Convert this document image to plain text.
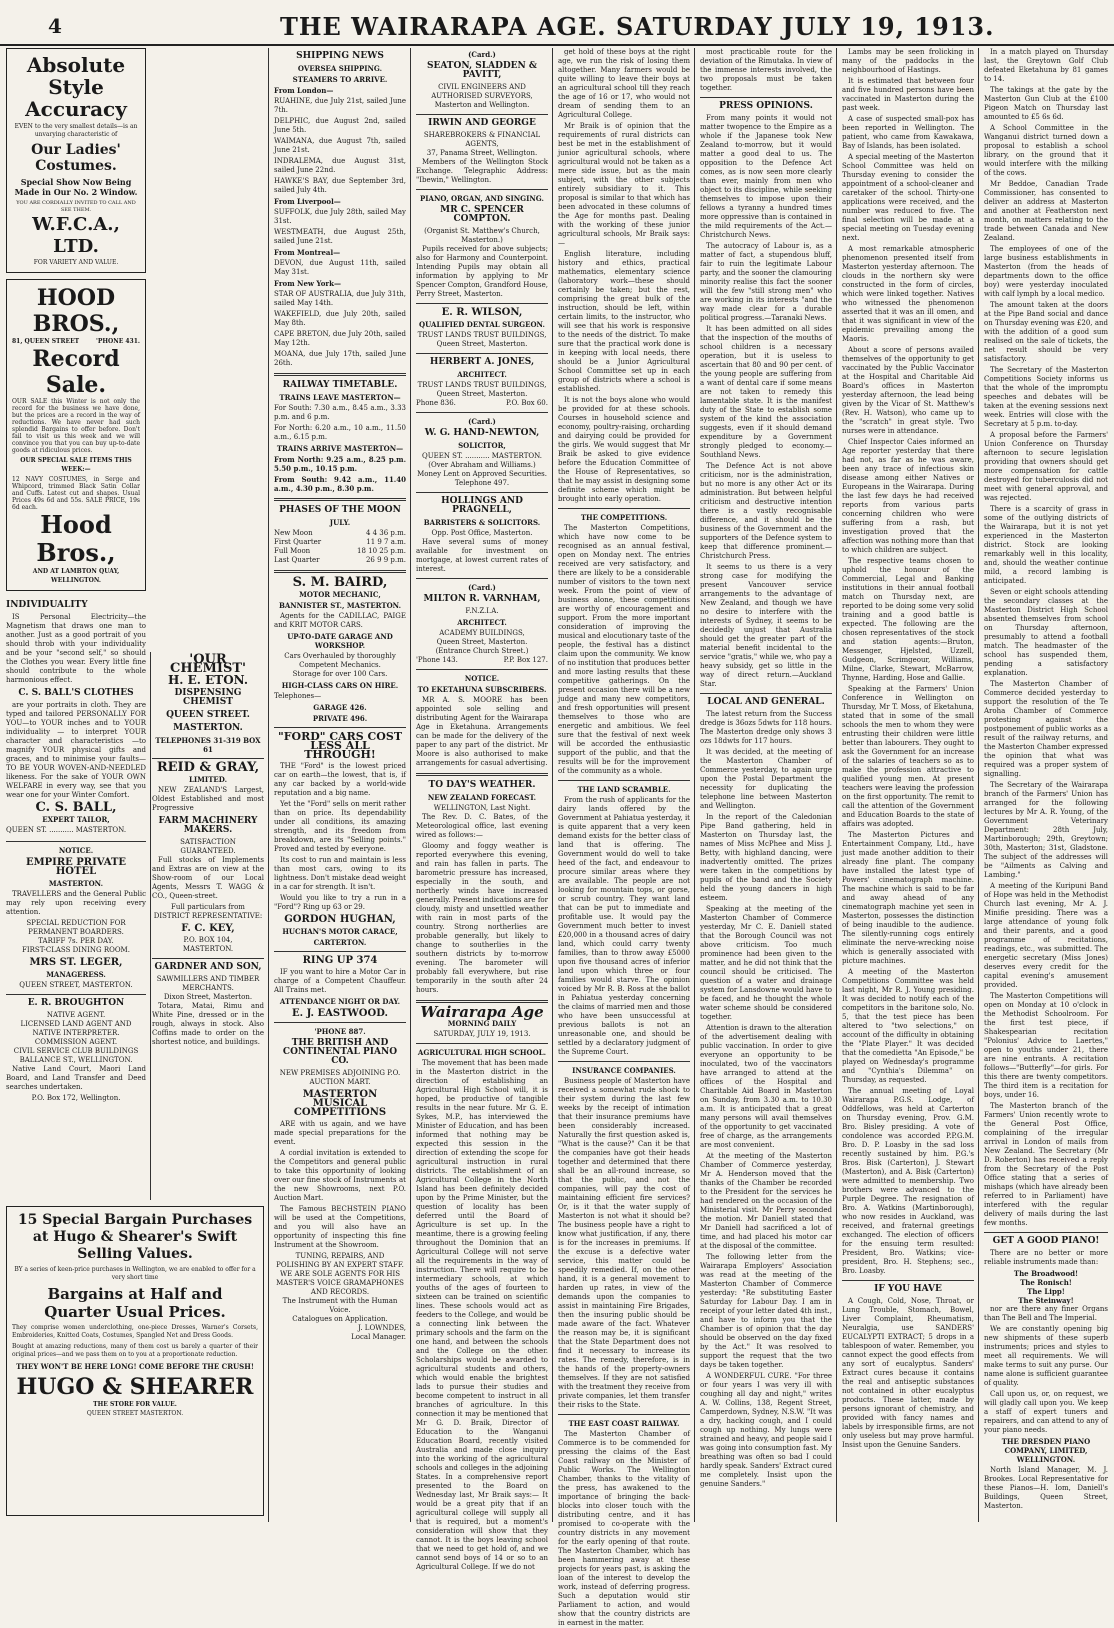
4	THE WAIRARAPA AGE. SATURDAY JULY 19, 1913.
Absolute
Style
Accuracy
EVEN to the very smallest details—is an unvarying characteristic of
Our Ladies' Costumes.
Special Show Now Being Made in Our No. 2 Window.
YOU ARE CORDIALLY INVITED TO CALL AND SEE THEM.
W.F.C.A., LTD.
FOR VARIETY AND VALUE.
HOOD BROS.,
81, QUEEN STREET	'PHONE 431.
Record Sale.
OUR SALE this Winter is not only the record for the business we have done, but the prices are a record in the way of reductions. We have never had such splendid Bargains to offer before. Don't fail to visit us this week and we will convince you that you can buy up-to-date goods at ridiculous prices.
OUR SPECIAL SALE ITEMS THIS WEEK:—
12 NAVY COSTUMES, in Serge and Whipcord, trimmed Black Satin Collar and Cuffs. Latest cut and shapes. Usual Prices 49s 6d and 55s. SALE PRICE, 19s 6d each.
Hood Bros.,
AND AT LAMBTON QUAY, WELLINGTON.
INDIVIDUALITY

IS Personal Electricity—the Magnetism that draws one man to another. Just as a good portrait of you should throb with your individuality and be your "second self," so should the Clothes you wear. Every little fine should contribute to the whole harmonious effect.

C. S. BALL'S CLOTHES

are your portraits in cloth. They are typed and tailored PERSONALLY FOR YOU—to YOUR inches and to YOUR individuality — to interpret YOUR character and characteristics —to magnify YOUR physical gifts and graces, and to minimise your faults—TO BE YOUR WOVEN-AND-NEEDLED likeness. For the sake of YOUR OWN WELFARE in every way, see that you wear one for your Winter Comfort.

C. S. BALL,
EXPERT TAILOR,
QUEEN ST. ........... MASTERTON.
NOTICE.
EMPIRE PRIVATE HOTEL
MASTERTON.

TRAVELLERS and the General Public may rely upon receiving every attention.

SPECIAL REDUCTION FOR PERMANENT BOARDERS.
TARIFF 7s. PER DAY.
FIRST-CLASS DINING ROOM.
MRS ST. LEGER,
MANAGERESS.
QUEEN STREET, MASTERTON.
E. R. BROUGHTON
NATIVE AGENT.
LICENSED LAND AGENT AND NATIVE INTERPRETER.
COMMISSION AGENT.
CIVIL SERVICE CLUB BUILDINGS
BALLANCE ST., WELLINGTON.

Native Land Court, Maori Land Board, and Land Transfer and Deed searches undertaken.

P.O. Box 172, Wellington.
'OUR CHEMIST'
H. E. ETON.
DISPENSING CHEMIST
QUEEN STREET.
MASTERTON.
TELEPHONES 31-319 BOX 61
REID & GRAY,
LIMITED.

NEW ZEALAND'S Largest, Oldest Established and most Progressive

FARM MACHINERY MAKERS.
SATISFACTION GUARANTEED.

Full stocks of Implements and Extras are on view at the Show-room of our Local Agents, Messrs T. WAGG & CO., Queen-street.

Full particulars from
DISTRICT REPRESENTATIVE:
F. C. KEY,
P.O. BOX 104,
MASTERTON.
GARDNER AND SON,
SAWMILLERS AND TIMBER MERCHANTS.
Dixon Street, Masterton.

Totara, Matai, Rimu and White Pine, dressed or in the rough, always in stock. Also Coffins made to order on the shortest notice, and buildings.

15 Special Bargain Purchases at Hugo & Shearer's Swift Selling Values.
BY a series of keen-price purchases in Wellington, we are enabled to offer for a very short time
Bargains at Half and Quarter Usual Prices.
They comprise women underclothing, one-piece Dresses, Warner's Corsets, Embroideries, Knitted Coats, Costumes, Spangled Net and Dress Goods.
Bought at amazing reductions, many of them cost us barely a quarter of their original prices—and we pass them on to you at a proportionate reduction.
THEY WON'T BE HERE LONG! COME BEFORE THE CRUSH!
HUGO & SHEARER
THE STORE FOR VALUE.
QUEEN STREET MASTERTON.
SHIPPING NEWS
OVERSEA SHIPPING.
STEAMERS TO ARRIVE.
From London—
RUAHINE, due July 21st, sailed June 7th.
DELPHIC, due August 2nd, sailed June 5th.
WAIMANA, due August 7th, sailed June 21st.
INDRALEMA, due August 31st, sailed June 22nd.
HAWKE'S BAY, due September 3rd, sailed July 4th.
From Liverpool—
SUFFOLK, due July 28th, sailed May 31st.
WESTMEATH, due August 25th, sailed June 21st.
From Montreal—
DEVON, due August 11th, sailed May 31st.
From New York—
STAR OF AUSTRALIA, due July 31th, sailed May 14th.
WAKEFIELD, due July 20th, sailed May 8th.
CAPE BRETON, due July 20th, sailed May 12th.
MOANA, due July 17th, sailed June 26th.
RAILWAY TIMETABLE.
TRAINS LEAVE MASTERTON—
For South: 7.30 a.m., 8.45 a.m., 3.33 p.m. and 6 p.m.
For North: 6.20 a.m., 10 a.m., 11.50 a.m., 6.15 p.m.
TRAINS ARRIVE MASTERTON—
From North: 9.25 a.m., 8.25 p.m. 5.50 p.m., 10.15 p.m.
From South: 9.42 a.m., 11.40 a.m., 4.30 p.m., 8.30 p.m.
PHASES OF THE MOON
JULY.
New Moon	4 4 36 p.m.
First Quarter	11 9 7 a.m.
Full Moon	18 10 25 p.m.
Last Quarter	26 9 9 p.m.
S. M. BAIRD,
MOTOR MECHANIC,
BANNISTER ST., MASTERTON.

Agents for the CADILLAC, PAIGE and KRIT MOTOR CARS.

UP-TO-DATE GARAGE AND WORKSHOP.
Cars Overhauled by thoroughly Competent Mechanics.
Storage for over 100 Cars.
HIGH-CLASS CARS ON HIRE.
Telephones—
GARAGE 426.
PRIVATE 496.
"FORD" CARS COST LESS ALL THROUGH!

THE "Ford" is the lowest priced car on earth—the lowest, that is, if any car backed by a world-wide reputation and a big name.

Yet the "Ford" sells on merit rather than on price. Its dependability under all conditions, its amazing strength, and its freedom from breakdown, are its "Selling points." Proved and tested by everyone.

Its cost to run and maintain is less than most cars, owing to its lightness. Don't mistake dead weight in a car for strength. It isn't.

Would you like to try a run in a "Ford"? Ring up 63 or 29.

GORDON HUGHAN,
HUCHAN'S MOTOR CARACE,
CARTERTON.
RING UP 374

IF you want to hire a Motor Car in charge of a Competent Chauffeur. All Trains met.

ATTENDANCE NIGHT OR DAY.
E. J. EASTWOOD.
'PHONE 887.
THE BRITISH AND CONTINENTAL PIANO CO.
NEW PREMISES ADJOINING P.O. AUCTION MART.
MASTERTON MUSICAL COMPETITIONS

ARE with us again, and we have made special preparations for the event.

A cordial invitation is extended to the Competitors and general public to take this opportunity of looking over our fine stock of Instruments at the new Showrooms, next P.O. Auction Mart.

The Famous BECHSTEIN PIANO will be used at the Competitions, and you will also have an opportunity of inspecting this fine Instrument at the Showroom.

TUNING, REPAIRS, AND POLISHING BY AN EXPERT STAFF.
WE ARE SOLE AGENTS FOR HIS MASTER'S VOICE GRAMAPHONES AND RECORDS.
The Instrument with the Human Voice.
Catalogues on Application.
J. LOWNDES,
Local Manager.
(Card.)
SEATON, SLADDEN & PAVITT,
CIVIL ENGINEERS AND AUTHORISED SURVEYORS,
Masterton and Wellington.
IRWIN AND GEORGE
SHAREBROKERS & FINANCIAL AGENTS,
37, Panama Street, Wellington.

Members of the Wellington Stock Exchange. Telegraphic Address: "Ibewin," Wellington.

PIANO, ORGAN, AND SINGING.
MR C. SPENCER COMPTON.
(Organist St. Matthew's Church, Masterton.)

Pupils received for above subjects; also for Harmony and Counterpoint. Intending Pupils may obtain all information by applying to Mr Spencer Compton, Grandford House, Perry Street, Masterton.

E. R. WILSON,
QUALIFIED DENTAL SURGEON.
TRUST LANDS TRUST BUILDINGS,
Queen Street, Masterton.
HERBERT A. JONES,
ARCHITECT.
TRUST LANDS TRUST BUILDINGS,
Queen Street, Masterton.
Phone 836.	P.O. Box 60.
(Card.)
W. G. HAND-NEWTON,
SOLICITOR,
QUEEN ST. ........... MASTERTON.
(Over Abraham and Williams.)
Money Lent on Approved Securities.
Telephone 497.
HOLLINGS AND PRAGNELL,
BARRISTERS & SOLICITORS.
Opp. Post Office, Masterton.

Have several sums of money available for investment on mortgage, at lowest current rates of interest.

(Card.)
MILTON R. VARNHAM,
F.N.Z.I.A.
ARCHITECT.
ACADEMY BUILDINGS,
Queen Street, Masterton.
(Entrance Church Street.)
'Phone 143.	P.P. Box 127.
NOTICE.
TO EKETAHUNA SUBSCRIBERS.

MR A. S. MOORE has been appointed sole selling and distributing Agent for the Wairarapa Age in Eketahuna. Arrangements can be made for the delivery of the paper to any part of the district. Mr Moore is also authorised to make arrangements for casual advertising.

TO DAY'S WEATHER.
NEW ZEALAND FORECAST.
WELLINGTON, Last Night.

The Rev. D. C. Bates, of the Meteorological office, last evening wired as follows:—

Gloomy and foggy weather is reported everywhere this evening, and rain has fallen in parts. The barometric pressure has increased, especially in the south, and northerly winds have increased generally. Present indications are for cloudy, misty and unsettled weather with rain in most parts of the country. Strong northerlies are probable generally, but likely to change to southerlies in the southern districts by to-morrow evening. The barometer will probably fall everywhere, but rise temporarily in the south after 24 hours.

Wairarapa Age
MORNING DAILY
SATURDAY, JULY 19, 1913.
AGRICULTURAL HIGH SCHOOL.

The movement that has been made in the Masterton district in the direction of establishing an Agricultural High School will, it is hoped, be productive of tangible results in the near future. Mr G. E. Sykes, M.P., has interviewed the Minister of Education, and has been informed that nothing may be expected this session in the direction of extending the scope for agricultural instruction in rural districts. The establishment of an Agricultural College in the North Island has been definitely decided upon by the Prime Minister, but the question of locality has been deferred until the Board of Agriculture is set up. In the meantime, there is a growing feeling throughout the Dominion that an Agricultural College will not serve all the requirements in the way of instruction. There will require to be intermediary schools, at which youths of the ages of fourteen to sixteen can be trained on scientific lines. These schools would act as feeders to the College, and would be a connecting link between the primary schools and the farm on the one hand, and between the schools and the College on the other. Scholarships would be awarded to agricultural students and others, which would enable the brightest lads to pursue their studies and become competent to instruct in all branches of agriculture. In this connection it may be mentioned that Mr G. D. Braik, Director of Education to the Wanganui Education Board, recently visited Australia and made close inquiry into the working of the agricultural schools and colleges in the adjoining States. In a comprehensive report presented to the Board on Wednesday last, Mr Braik says:— It would be a great pity that if an agricultural college will supply all that is required, but a moment's consideration will show that they cannot. It is the boys leaving school that we need to get hold of, and we cannot send boys of 14 or so to an Agricultural College. If we do not

get hold of these boys at the right age, we run the risk of losing them altogether. Many farmers would be quite willing to leave their boys at an agricultural school till they reach the age of 16 or 17, who would not dream of sending them to an Agricultural College.

Mr Braik is of opinion that the requirements of rural districts can best be met in the establishment of junior agricultural schools, where agricultural would not be taken as a mere side issue, but as the main subject, with the other subjects entirely subsidiary to it. This proposal is similar to that which has been advocated in these columns of the Age for months past. Dealing with the working of these junior agricultural schools, Mr Braik says:—

English literature, including history and ethics, practical mathematics, elementary science (laboratory work—these should certainly be taken; but the rest, comprising the great bulk of the instruction, should be left, within certain limits, to the instructor, who will see that his work is responsive to the needs of the district. To make sure that the practical work done is in keeping with local needs, there should be a Junior Agricultural School Committee set up in each group of districts where a school is established.

It is not the boys alone who would be provided for at these schools. Courses in household science and economy, poultry-raising, orcharding and dairying could be provided for the girls. We would suggest that Mr Braik be asked to give evidence before the Education Committee of the House of Representatives, so that he may assist in designing some definite scheme which might be brought into early operation.

THE COMPETITIONS.

The Masterton Competitions, which have now come to be recognised as an annual festival, open on Monday next. The entries received are very satisfactory, and there are likely to be a considerable number of visitors to the town next week. From the point of view of business alone, these competitions are worthy of encouragement and support. From the more important consideration of improving the musical and elocutionary taste of the people, the festival has a distinct claim upon the community. We know of no institution that produces better and more lasting results that these competitive gatherings. On the present occasion there will be a new judge and many new competitors, and fresh opportunities will present themselves to those who are energetic and ambitious. We feel sure that the festival of next week will be accorded the enthusiastic support of the public, and that the results will be for the improvement of the community as a whole.

THE LAND SCRAMBLE.

From the rush of applicants for the dairy lands offered by the Government at Pahiatua yesterday, it is quite apparent that a very keen demand exists for the better class of land that is offering. The Government would do well to take heed of the fact, and endeavour to procure similar areas where they are available. The people are not looking for mountain tops, or gorse, or scrub country. They want land that can be put to immediate and profitable use. It would pay the Government much better to invest £20,000 in a thousand acres of dairy land, which could carry twenty families, than to throw away £5000 upon five thousand acres of inferior land upon which three or four families would starve. The opinion voiced by Mr R. B. Ross at the ballot in Pahiatua yesterday concerning the claims of married men and those who have been unsuccessful at previous ballots is not an unreasonable one, and should be settled by a declaratory judgment of the Supreme Court.

INSURANCE COMPANIES.

Business people of Masterton have received a somewhat rude shock to their system during the last few weeks by the receipt of intimation that their insurance premiums have been considerably increased. Naturally the first question asked is, "What is the cause?" Can it be that the companies have got their heads together and determined that there shall be an all-round increase, so that the public, and not the companies, will pay the cost of maintaining efficient fire services? Or, is it that the water supply of Masterton is not what it should be? The business people have a right to know what justification, if any, there is for the increases in premiums. If the excuse is a defective water service, this matter could be speedily remedied. If, on the other hand, it is a general movement to harden up rates, in view of the demands upon the companies to assist in maintaining Fire Brigades, then the insuring public should be made aware of the fact. Whatever the reason may be, it is significant that the State Department does not find it necessary to increase its rates. The remedy, therefore, is in the hands of the property-owners themselves. If they are not satisfied with the treatment they receive from private companies, let them transfer their risks to the State.

THE EAST COAST RAILWAY.

The Masterton Chamber of Commerce is to be commended for pressing the claims of the East Coast railway on the Minister of Public Works. The Wellington Chamber, thanks to the vitality of the press, has awakened to the importance of bringing the back-blocks into closer touch with the distributing centre, and it has promised to co-operate with the country districts in any movement for the early opening of that route. The Masterton Chamber, which has been hammering away at these projects for years past, is asking the loan of the interest to develop the work, instead of deferring progress. Such a deputation would stir Parliament to action, and would show that the country districts are in earnest in the matter.

most practicable route for the deviation of the Rimutaka. In view of the immense interests involved, the two proposals must be taken together.

PRESS OPINIONS.

From many points it would not matter twopence to the Empire as a whole if the Japanese took New Zealand to-morrow, but it would matter a good deal to us. The opposition to the Defence Act comes, as is now seen more clearly than ever, mainly from men who object to its discipline, while seeking themselves to impose upon their fellows a tyranny a hundred times more oppressive than is contained in the mild requirements of the Act.—Christchurch News.

The autocracy of Labour is, as a matter of fact, a stupendous bluff, fair to ruin the legitimate Labour party, and the sooner the clamouring minority realise this fact the sooner will the few "still strong men" who are working in its interests "and the way made clear for a durable political progress.—Taranaki News.

It has been admitted on all sides that the inspection of the mouths of school children is a necessary operation, but it is useless to ascertain that 80 and 90 per cent. of the young people are suffering from a want of dental care if some means are not taken to remedy this lamentable state. It is the manifest duty of the State to establish some system of the kind the association suggests, even if it should demand expenditure by a Government strongly pledged to economy.—Southland News.

The Defence Act is not above criticism, nor is the administration, but no more is any other Act or its administration. But between helpful criticism and destructive intention there is a vastly recognisable difference, and it should be the business of the Government and the supporters of the Defence system to keep that difference prominent.—Christchurch Press.

It seems to us there is a very strong case for modifying the present Vancouver service arrangements to the advantage of New Zealand, and though we have no desire to interfere with the interests of Sydney, it seems to be decidedly unjust that Australia should get the greater part of the material benefit incidental to the service "gratis," while we, who pay a heavy subsidy, get so little in the way of direct return.—Auckland Star.

LOCAL AND GENERAL.

The latest return from the Success dredge is 36ozs 5dwts for 118 hours. The Masterton dredge only shows 3 ozs 18dwts for 117 hours.

It was decided, at the meeting of the Masterton Chamber of Commerce yesterday, to again urge upon the Postal Department the necessity for duplicating the telephone line between Masterton and Wellington.

In the report of the Caledonian Pipe Band gathering, held in Masterton on Thursday last, the names of Miss McPhee and Miss J. Betty, with highland dancing, were inadvertently omitted. The prizes were taken in the competitions by pupils of the band and the Society held the young dancers in high esteem.

Speaking at the meeting of the Masterton Chamber of Commerce yesterday, Mr C. E. Daniell stated that the Borough Council was not above criticism. Too much prominence had been given to the matter, and he did not think that the council should be criticised. The question of a water and drainage system for Lansdowne would have to be faced, and he thought the whole water scheme should be considered together.

Attention is drawn to the alteration of the advertisement dealing with public vaccination. In order to give everyone an opportunity to be inoculated, two of the vaccinators have arranged to attend at the offices of the Hospital and Charitable Aid Board in Masterton on Sunday, from 3.30 a.m. to 10.30 a.m. It is anticipated that a great many persons will avail themselves of the opportunity to get vaccinated free of charge, as the arrangements are most convenient.

At the meeting of the Masterton Chamber of Commerce yesterday, Mr A. Henderson moved that the thanks of the Chamber be recorded to the President for the services he had rendered on the occasion of the Ministerial visit. Mr Perry seconded the motion. Mr Daniell stated that Mr Daniell had sacrificed a lot of time, and had placed his motor car at the disposal of the committee.

The following letter from the Wairarapa Employers' Association was read at the meeting of the Masterton Chamber of Commerce yesterday: "Re substituting Easter Saturday for Labour Day. I am in receipt of your letter dated 4th inst., and have to inform you that the Chamber is of opinion that the day should be observed on the day fixed by the Act." It was resolved to support the request that the two days be taken together.

A WONDERFUL CURE. "For three or four years I was very ill with coughing all day and night," writes A. W. Collins, 138, Regent Street, Camperdown, Sydney, N.S.W. "It was a dry, hacking cough, and I could cough up nothing. My lungs were strained and heavy, and people said I was going into consumption fast. My breathing was often so bad I could hardly speak. Sanders' Extract cured me completely. Insist upon the genuine Sanders."

Lambs may be seen frolicking in many of the paddocks in the neighbourhood of Hastings.

It is estimated that between four and five hundred persons have been vaccinated in Masterton during the past week.

A case of suspected small-pox has been reported in Wellington. The patient, who came from Kawakawa, Bay of Islands, has been isolated.

A special meeting of the Masterton School Committee was held on Thursday evening to consider the appointment of a school-cleaner and caretaker of the school. Thirty-one applications were received, and the number was reduced to five. The final selection will be made at a special meeting on Tuesday evening next.

A most remarkable atmospheric phenomenon presented itself from Masterton yesterday afternoon. The clouds in the northern sky were constructed in the form of circles, which were linked together. Natives who witnessed the phenomenon asserted that it was an ill omen, and that it was significant in view of the epidemic prevailing among the Maoris.

About a score of persons availed themselves of the opportunity to get vaccinated by the Public Vaccinator at the Hospital and Charitable Aid Board's offices in Masterton yesterday afternoon, the lead being given by the Vicar of St. Matthew's (Rev. H. Watson), who came up to the "scratch" in great style. Two nurses were in attendance.

Chief Inspector Caies informed an Age reporter yesterday that there had not, as far as he was aware, been any trace of infectious skin disease among either Natives or Europeans in the Wairarapa. During the last few days he had received reports from various parts concerning children who were suffering from a rash, but investigation proved that the affection was nothing more than that to which children are subject.

The respective teams chosen to uphold the honour of the Commercial, Legal and Banking institutions in their annual football match on Thursday next, are reported to be doing some very solid training and a good battle is expected. The following are the chosen representatives of the stock and station agents:—Bruton, Messenger, Hjelsted, Uzzell, Gudgeon, Scrimgeour, Williams, Milne, Clarke, Stewart, McBarrow, Thynne, Harding, Hose and Gallie.

Speaking at the Farmers' Union Conference in Wellington on Thursday, Mr T. Moss, of Eketahuna, stated that in some of the small schools the men to whom they were entrusting their children were little better than labourers. They ought to ask the Government for an increase of the salaries of teachers so as to make the profession attractive to qualified young men. At present teachers were leaving the profession on the first opportunity. The remit to call the attention of the Government and Education Boards to the state of affairs was adopted.

The Masterton Pictures and Entertainment Company, Ltd., have just made another addition to their already fine plant. The company have installed the latest type of Powers' cinematograph machine. The machine which is said to be far and away ahead of any cinematograph machine yet seen in Masterton, possesses the distinction of being inaudible to the audience. The silently-running cogs entirely eliminate the nerve-wrecking noise which is generally associated with picture machines.

A meeting of the Masterton Competitions Committee was held last night, Mr R. J. Young presiding. It was decided to notify each of the competitors in the baritone solo, No. 5, that the test piece has been altered to "two selections," on account of the difficulty in obtaining the "Plate Player." It was decided that the comedietta "An Episode," be played on Wednesday's programme and "Cynthia's Dilemma" on Thursday, as requested.

The annual meeting of Loyal Wairarapa P.G.S. Lodge, of Oddfellows, was held at Carterton on Thursday evening, Prov. G.M. Bro. Bisley presiding. A vote of condolence was accorded P.P.G.M. Bro. D. P. Loasby in the sad loss recently sustained by him. P.G.'s Bros. Bisk (Carterton), J. Stewart (Masterton), and A. Bisk (Carterton) were admitted to membership. Two brothers were advanced to the Purple Degree. The resignation of Bro. A. Watkins (Martinborough), who now resides in Auckland, was received, and fraternal greetings exchanged. The election of officers for the ensuing term resulted: President, Bro. Watkins; vice-president, Bro. H. Stephens; sec., Bro. Loasby.

IF YOU HAVE

A Cough, Cold, Nose, Throat, or Lung Trouble, Stomach, Bowel, Liver Complaint, Rheumatism, Neuralgia, use SANDERS' EUCALYPTI EXTRACT; 5 drops in a tablespoon of water. Remember, you cannot expect the good effects from any sort of eucalyptus. Sanders' Extract cures because it contains the real and antiseptic substances not contained in other eucalyptus products. These latter, made by persons ignorant of chemistry, and provided with fancy names and labels by irresponsible firms, are not only useless but may prove harmful. Insist upon the Genuine Sanders.

In a match played on Thursday last, the Greytown Golf Club defeated Eketahuna by 81 games to 14.

The takings at the gate by the Masterton Gun Club at the £100 Pigeon Match on Thursday last amounted to £5 6s 6d.

A School Committee in the Wanganui district turned down a proposal to establish a school library, on the ground that it would interfere with the milking of the cows.

Mr Beddoe, Canadian Trade Commissioner, has consented to deliver an address at Masterton and another at Featherston next month, on matters relating to the trade between Canada and New Zealand.

The employees of one of the large business establishments in Masterton (from the heads of departments down to the office boy) were yesterday inoculated with calf lymph by a local medico.

The amount taken at the doors at the Pipe Band social and dance on Thursday evening was £20, and with the addition of a good sum realised on the sale of tickets, the net result should be very satisfactory.

The Secretary of the Masterton Competitions Society informs us that the whole of the impromptu speeches and debates will be taken at the evening sessions next week. Entries will close with the Secretary at 5 p.m. to-day.

A proposal before the Farmers' Union Conference on Thursday afternoon to secure legislation providing that owners should get more compensation for cattle destroyed for tuberculosis did not meet with general approval, and was rejected.

There is a scarcity of grass in some of the outlying districts of the Wairarapa, but it is not yet experienced in the Masterton district. Stock are looking remarkably well in this locality, and, should the weather continue mild, a record lambing is anticipated.

Seven or eight schools attending the secondary classes at the Masterton District High School absented themselves from school on Thursday afternoon, presumably to attend a football match. The headmaster of the school has suspended them, pending a satisfactory explanation.

The Masterton Chamber of Commerce decided yesterday to support the resolution of the Te Aroha Chamber of Commerce protesting against the postponement of public works as a result of the railway returns, and the Masterton Chamber expressed the opinion that what was required was a proper system of signalling.

The Secretary of the Wairarapa branch of the Farmers' Union has arranged for the following lectures by Mr A. R. Young, of the Government Veterinary Department: 28th July, Martinborough; 29th, Greytown; 30th, Masterton; 31st, Gladstone. The subject of the addresses will be "Ailments as Calving and Lambing."

A meeting of the Kuripuni Band of Hope was held in the Methodist Church last evening, Mr A. J. Minifie presiding. There was a large attendance of young folk and their parents, and a good programme of recitations, readings, etc., was submitted. The energetic secretary (Miss Jones) deserves every credit for the capital evening's amusement provided.

The Masterton Competitions will open on Monday at 10 o'clock in the Methodist Schoolroom. For the first test piece, if Shakespearian recitation "Polonius' Advice to Laertes," open to youths under 21, there are nine entrants. A recitation follows—"Butterfly"—for girls. For this there are twenty competitors. The third item is a recitation for boys, under 16.

The Masterton branch of the Farmers' Union recently wrote to the General Post Office, complaining of the irregular arrival in London of mails from New Zealand. The Secretary (Mr D. Roberton) has received a reply from the Secretary of the Post Office stating that a series of mishaps (which have already been referred to in Parliament) have interfered with the regular delivery of mails during the last few months.

GET A GOOD PIANO!

There are no better or more reliable instruments made than:

The Broadwood!
The Ronisch!
The Lipp!
The Steinway!

nor are there any finer Organs than The Bell and The Imperial.

We are constantly opening big new shipments of these superb instruments; prices and styles to meet all requirements. We will make terms to suit any purse. Our name alone is sufficient guarantee of quality.

Call upon us, or, on request, we will gladly call upon you. We keep a staff of expert tuners and repairers, and can attend to any of your piano needs.

THE DRESDEN PIANO COMPANY, LIMITED, WELLINGTON.

North Island Manager, M. J. Brookes. Local Representative for these Pianos—H. Iom, Daniell's Buildings, Queen Street, Masterton.
